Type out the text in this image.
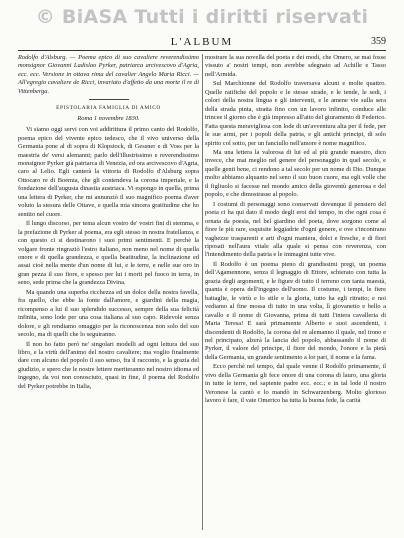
© BiASA Tutti i diritti riservati
L'ALBUM	359

Rodolfo d'Alsburg. — Poema epico di suo cavaliere reverendissimo monsignor Giovanni Ladislao Pyrker, patriarca arcivescovo d'Agria, ecc. ecc. Versione in ottava rima del cavalier Angelo Maria Ricci. — All'egregio cavaliere de Ricci, invariato d'affetto da una morte il re di Vittenberga.

EPISTOLARIA FAMIGLIA DI AMICO

Roma 1 novembre 1830.

Vi siamo oggi servi con voi addirittura il primo canto del Rodolfo, poema epico del vivente epico tedesco, che il vivo universo della Germania pone al di sopra di Klopstock, di Gessner e di Voss per la maestria de' versi alemanni; parlo dell'illustrissimo e reverendissimo monsignor Pyrker già patriarca di Venezia, ed ora arcivescovo d'Agria, caro al Lelio. Egli canterà la vittoria di Rodolfo d'Alsburg sopra Ottocaro re di Boemia, che gli contendeva la corona imperiale, e la fondazione dell'augusta dinastia austriaca. Vi espongo in quella, prima una lettera di Pyrker, che mi annunziò il suo magnifico poema d'aver voluto la stesura delle Ottave, e quella mia sincera gratitudine che ho sentito nel cuore.

Il lungo discorso, per tema alcun vostro de' vostri fini di stemma, e la prefazione di Pyrker al poema, era egli stesso in nostra fratellanza, e con questo ci si destinarono i suoi primi sentimenti. E perchè la volgare fronte ringraziò l'estro italiano, non meno nel nome di quella onore e di quella grandezza, e quella beatitudine, la inclinazione ed assai cioè nella mente d'un nome di lui, e le terre, e nelle sue oro in gran pezza il suo fiore, e spesso per lui i morti pel fuoco in terra, in seno, sede prima che la grandezza Divina.

Ma quando una superba ricchezza ed un dolce della nostra favella, fra quello, che ebbe la fonte dall'amore, e giardini della magia, ricompenso a lui il suo splendido successo, sempre della sua felicità infinita, sono lode per una cosa italiana al suo capo. Ridevole senza dolore, e gli rendiamo omaggio per la riconoscenza non solo del suo secolo, ma di quelli che lo seguiranno.

Il non ho fatto però ne' singolari modelli ad ogni lettura del suo libro, e la virtù dell'animo del nostro cavaliere; ma voglio finalmente dare con alcuno del popolo il suo senso, fra il racconto, e la grazia del giudizio, e spero che le nostre lettere meriteranno nel nostro idioma ed ingegno, da voi non conosciuto, quasi in fine, il poema del Rodolfo del Pyrker potrebbe in Italia,

mostrare la sua novella del poeta e dei modi, che Omero, se mai fosse vissuto a' nostri tempi, non avrebbe sdegnato ad Achille e Tasso nell'Armida.

Sul Marchionne del Rodolfo traversava alcuni e molte quattro. Quelle ratifiche del popolo e le stesse strade, e le tende, le sedi, i colori della nostra lingua e gli interventi, e le amene vie sulla sera della strada pinta, stratta fino con un lavoro infinito, conduce alle trincee il giorno che è già impresso all'atto del giuramento di Federico. Fatta questa meravigliosa con lode di un'avventura alta per il fede, per le sue armi, per i popoli della patria, e gli antichi principi, di solo spirito col sotto, per un fanciullo nell'amore è nome magnifico.

Ma una lettera la valorosa di lui ed al più grande maestro, dico invece, che mai meglio nel genere del personaggio in quel secolo, e quelle genti bene, ci rendono a tal secolo per un nome di Dio. Dunque molto abbiamo alquanto nel seno il suo buon cuore, ma egli volle che il figliuolo si facesse nel mondo amico della gioventù generosa e del popolo, e che dimostrasse al popolo.

I costumi di personaggi sono conservati dovunque il pensiero del poeta ci ha qui dato il modo degli eroi del tempo, in che ogni cosa è ornata da poesia, nel bel giardino del poeta, dove sorgono come al fiore le più rare, esquisite leggiadrie d'ogni genere, e ove s'incontrano vaghezze trasparenti e arti d'ogni maniera, dolci e fresche, e di fiori riposati nell'aura vitale alla quale si pensa con reverenza, con l'intendimento della patria e le immagini tutte vive.

Il Rodolfo è un poema pieno di grandissimi pregi, un poema dell'Agamennone, senza il legnaggio di Ettore, schierato con tutta la grazia degli argomenti, e le figure di tutto il terreno con tanta maestà, quanta è opera dell'ingegno dell'uomo. Il costume, i tempi, le fiere battaglie, le virtù e lo stile e la gloria, tutto ha egli ritratto; e noi vediamo al fine mossa di tutto in una volta, lì giovanetto e bello a cavallo e il nome di Giovanna, prima di tutti l'intera cavalleria di Maria Teresa! E sarà primamente Alberto e suoi ascendenti, i discendenti di Rodolfo, la corona del re alemanno il quale, nel trono e nel principato, alzerà la lancia del popolo, abbassando il nome di Pyrker, il valore del principe, il fiore del mondo, l'onore e la pietà della Germania, un grande sentimento a lor pari, il nome e la fama.

Ecco perchè nel tempo, dal quale venne il Rodolfo primamente, il vivo della Germania gli fece onore di una corona di lauro, una gloria in tutte le terre, nel sapiente padre ecc. ecc.; e in tal lode il nostro Veronese la cantò e lo mandò in Schwarzenberg. Molto glorioso lavoro è fare, il vate Omerico ha tutta la buona fede, la carità
